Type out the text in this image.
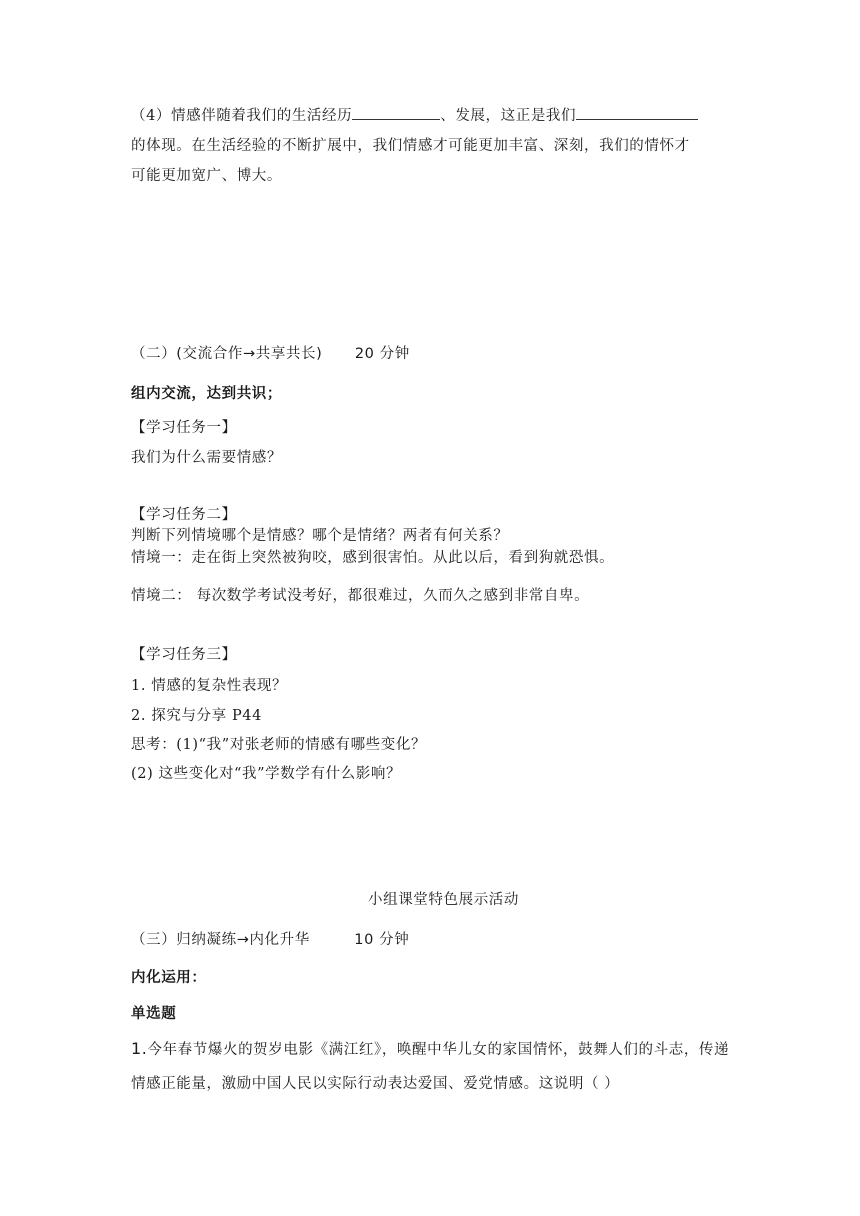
（4）情感伴随着我们的生活经历	、发展，这正是我们
的体现。在生活经验的不断扩展中，我们情感才可能更加丰富、深刻，我们的情怀才
可能更加宽广、博大。
（二）(交流合作→共享共长) 20 分钟
组内交流，达到共识；
【学习任务一】
我们为什么需要情感？
【学习任务二】
判断下列情境哪个是情感？哪个是情绪？两者有何关系？
情境一：走在街上突然被狗咬，感到很害怕。从此以后，看到狗就恐惧。
情境二： 每次数学考试没考好，都很难过，久而久之感到非常自卑。
【学习任务三】
1. 情感的复杂性表现？
2. 探究与分享 P44
思考：(1)“我”对张老师的情感有哪些变化？
(2) 这些变化对“我”学数学有什么影响？
小组课堂特色展示活动
（三）归纳凝练→内化升华	10 分钟
内化运用：
单选题
1.今年春节爆火的贺岁电影《满江红》，唤醒中华儿女的家国情怀，鼓舞人们的斗志，传递
情感正能量，激励中国人民以实际行动表达爱国、爱党情感。这说明（ ）
